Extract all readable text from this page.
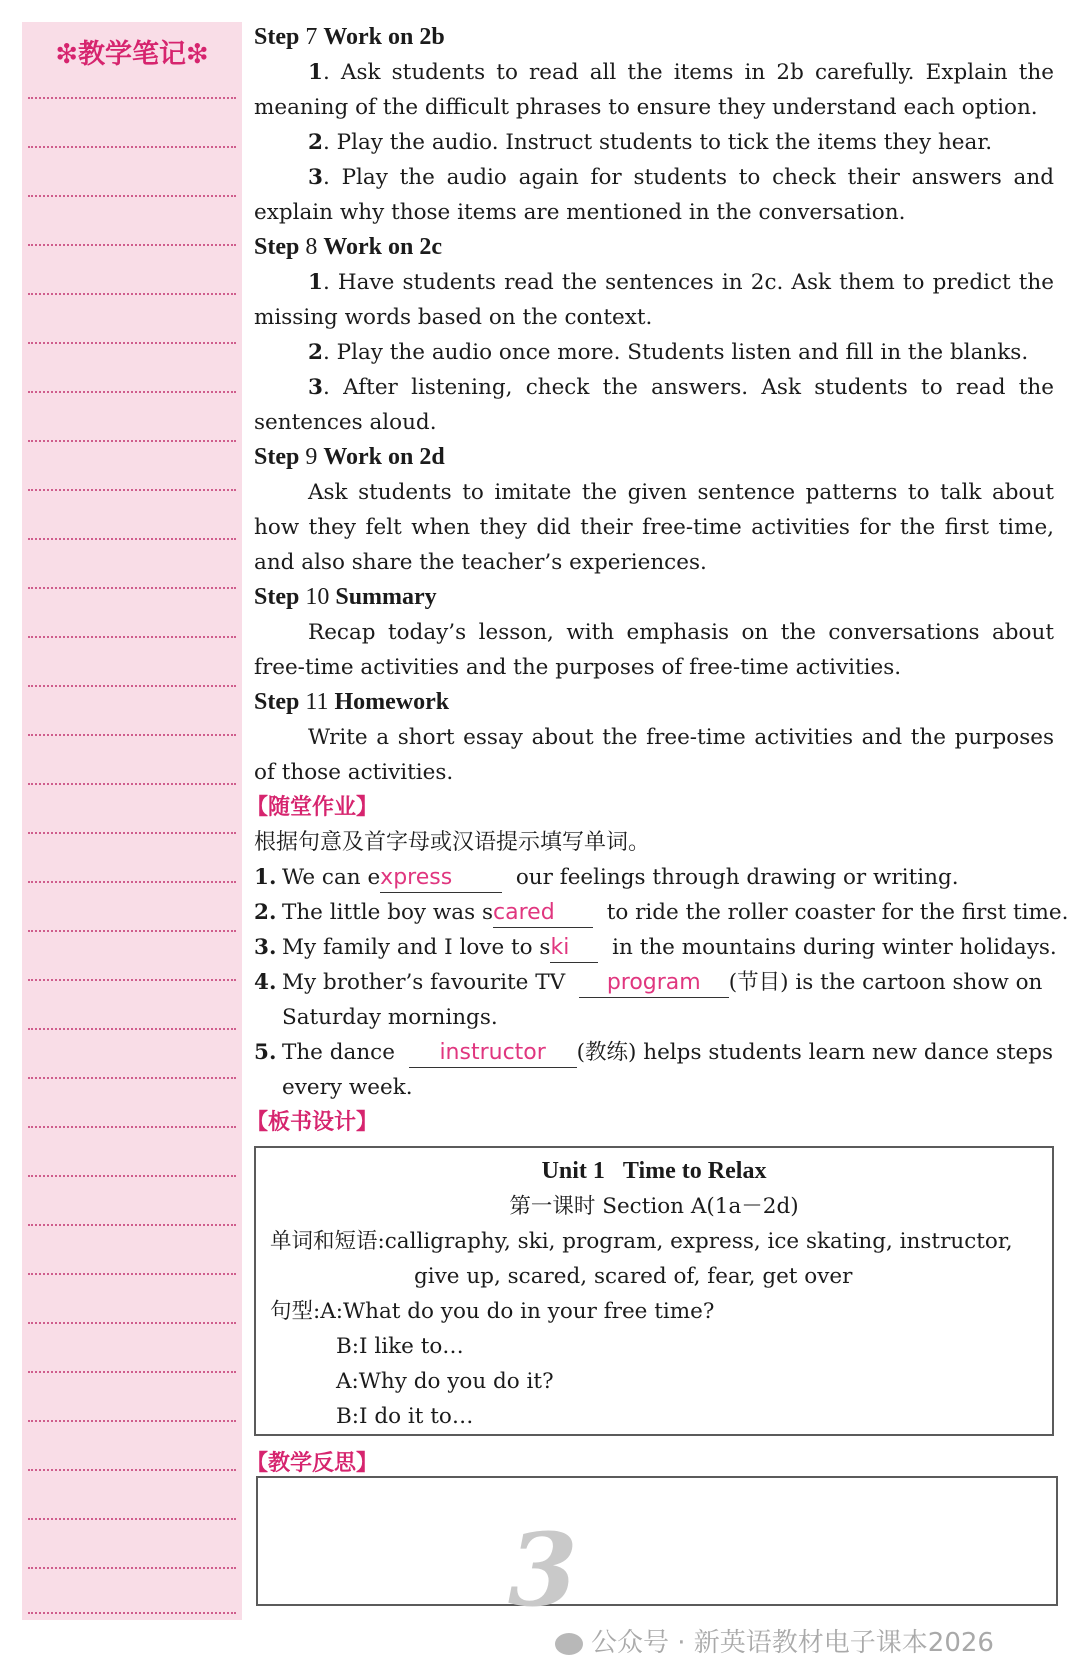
❇教学笔记❇
Step 7 Work on 2b
1. Ask students to read all the items in 2b carefully. Explain the meaning of the difficult phrases to ensure they understand each option.
2. Play the audio. Instruct students to tick the items they hear.
3. Play the audio again for students to check their answers and explain why those items are mentioned in the conversation.
Step 8 Work on 2c
1. Have students read the sentences in 2c. Ask them to predict the missing words based on the context.
2. Play the audio once more. Students listen and fill in the blanks.
3. After listening, check the answers. Ask students to read the sentences aloud.
Step 9 Work on 2d
Ask students to imitate the given sentence patterns to talk about how they felt when they did their free-time activities for the first time, and also share the teacher’s experiences.
Step 10 Summary
Recap today’s lesson, with emphasis on the conversations about free-time activities and the purposes of free-time activities.
Step 11 Homework
Write a short essay about the free-time activities and the purposes of those activities.
【随堂作业】
根据句意及首字母或汉语提示填写单词。
1. We can express	our feelings through drawing or writing.
2. The little boy was scared to ride the roller coaster for the first time.
3. My family and I love to ski in the mountains during winter holidays.
4. My brother’s favourite TV program (节目) is the cartoon show on
Saturday mornings.
5. The dance instructor (教练) helps students learn new dance steps
every week.
【板书设计】
Unit 1 Time to Relax
第一课时 Section A(1a－2d)
单词和短语:calligraphy, ski, program, express, ice skating, instructor,
give up, scared, scared of, fear, get over
句型:A:What do you do in your free time?
B:I like to…
A:Why do you do it?
B:I do it to…
【教学反思】
3
公众号 · 新英语教材电子课本2026
